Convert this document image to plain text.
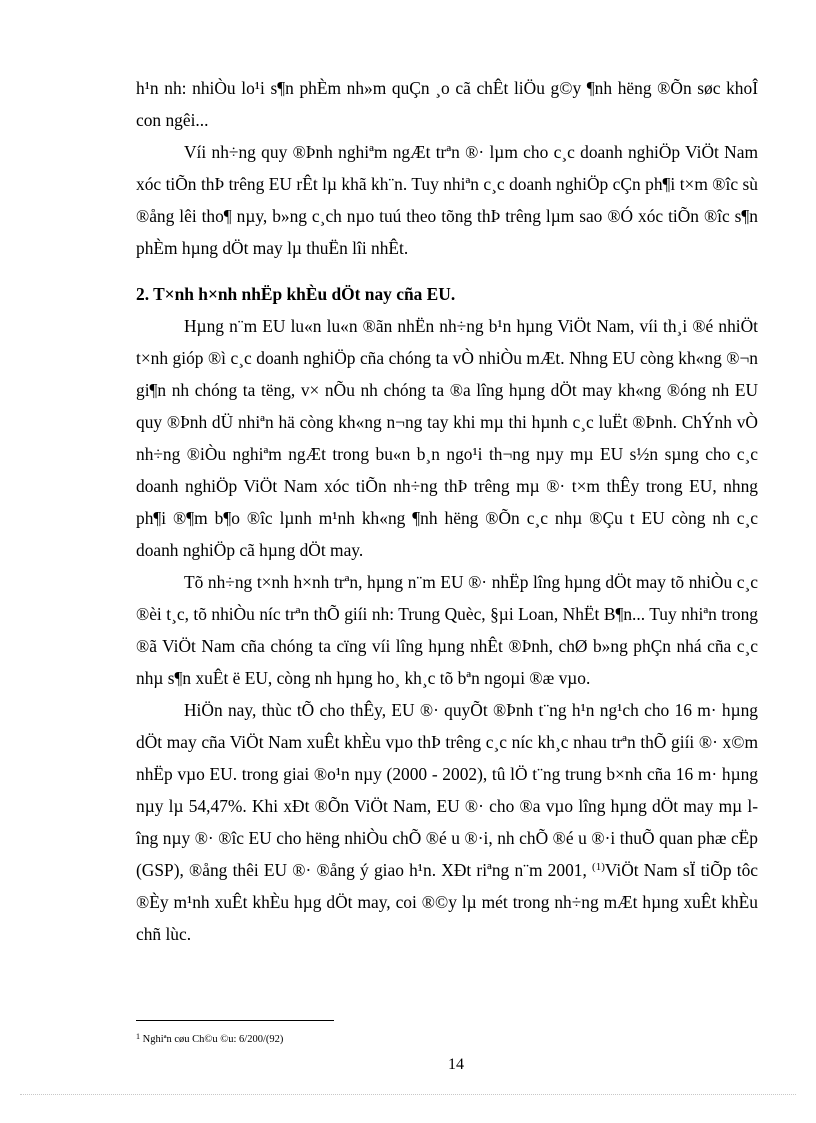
h¹n nh: nhiÒu lo¹i s¶n phÈm nh»m quÇn ¸o cã chÊt liÖu g©y ¶nh hëng ®Õn søc khoÎ con ngêi...

Víi nh÷ng quy ®Þnh nghiªm ngÆt trªn ®· lµm cho c¸c doanh nghiÖp ViÖt Nam xóc tiÕn thÞ trêng EU rÊt lµ khã kh¨n. Tuy nhiªn c¸c doanh nghiÖp cÇn ph¶i t×m ®îc sù ®ång lêi tho¶ nµy, b»ng c¸ch nµo tuú theo tõng thÞ trêng lµm sao ®Ó xóc tiÕn ®îc s¶n phÈm hµng dÖt may lµ thuËn lîi nhÊt.

2. T×nh h×nh nhËp khÈu dÖt nay cña EU.

Hµng n¨m EU lu«n lu«n ®ãn nhËn nh÷ng b¹n hµng ViÖt Nam, víi th¸i ®é nhiÖt t×nh gióp ®ì c¸c doanh nghiÖp cña chóng ta vÒ nhiÒu mÆt. Nhng EU còng kh«ng ®¬n gi¶n nh chóng ta tëng, v× nÕu nh chóng ta ®a lîng hµng dÖt may kh«ng ®óng nh EU quy ®Þnh dÜ nhiªn hä còng kh«ng n¬ng tay khi mµ thi hµnh c¸c luËt ®Þnh. ChÝnh vÒ nh÷ng ®iÒu nghiªm ngÆt trong bu«n b¸n ngo¹i th¬ng nµy mµ EU s½n sµng cho c¸c doanh nghiÖp ViÖt Nam xóc tiÕn nh÷ng thÞ trêng mµ ®· t×m thÊy trong EU, nhng ph¶i ®¶m b¶o ®îc lµnh m¹nh kh«ng ¶nh hëng ®Õn c¸c nhµ ®Çu t EU còng nh c¸c doanh nghiÖp cã hµng dÖt may.

Tõ nh÷ng t×nh h×nh trªn, hµng n¨m EU ®· nhËp lîng hµng dÖt may tõ nhiÒu c¸c ®èi t¸c, tõ nhiÒu níc trªn thÕ giíi nh: Trung Quèc, §µi Loan, NhËt B¶n... Tuy nhiªn trong ®ã ViÖt Nam cña chóng ta cïng víi lîng hµng nhÊt ®Þnh, chØ b»ng phÇn nhá cña c¸c nhµ s¶n xuÊt ë EU, còng nh hµng ho¸ kh¸c tõ bªn ngoµi ®æ vµo.

HiÖn nay, thùc tÕ cho thÊy, EU ®· quyÕt ®Þnh t¨ng h¹n ng¹ch cho 16 m· hµng dÖt may cña ViÖt Nam xuÊt khÈu vµo thÞ trêng c¸c níc kh¸c nhau trªn thÕ giíi ®· x©m nhËp vµo EU. trong giai ®o¹n nµy (2000 - 2002), tû lÖ t¨ng trung b×nh cña 16 m· hµng nµy lµ 54,47%. Khi xÐt ®Õn ViÖt Nam, EU ®· cho ®a vµo lîng hµng dÖt may mµ lîng nµy ®· ®îc EU cho hëng nhiÒu chÕ ®é u ®·i, nh chÕ ®é u ®·i thuÕ quan phæ cËp (GSP), ®ång thêi EU ®· ®ång ý giao h¹n. XÐt riªng n¨m 2001, $^{(1)}$ViÖt Nam sÏ tiÕp tôc ®Èy m¹nh xuÊt khÈu hµg dÖt may, coi ®©y lµ mét trong nh÷ng mÆt hµng xuÊt khÈu chñ lùc.

$^1$ Nghiªn cøu Ch©u ©u: 6/200/(92)
14
